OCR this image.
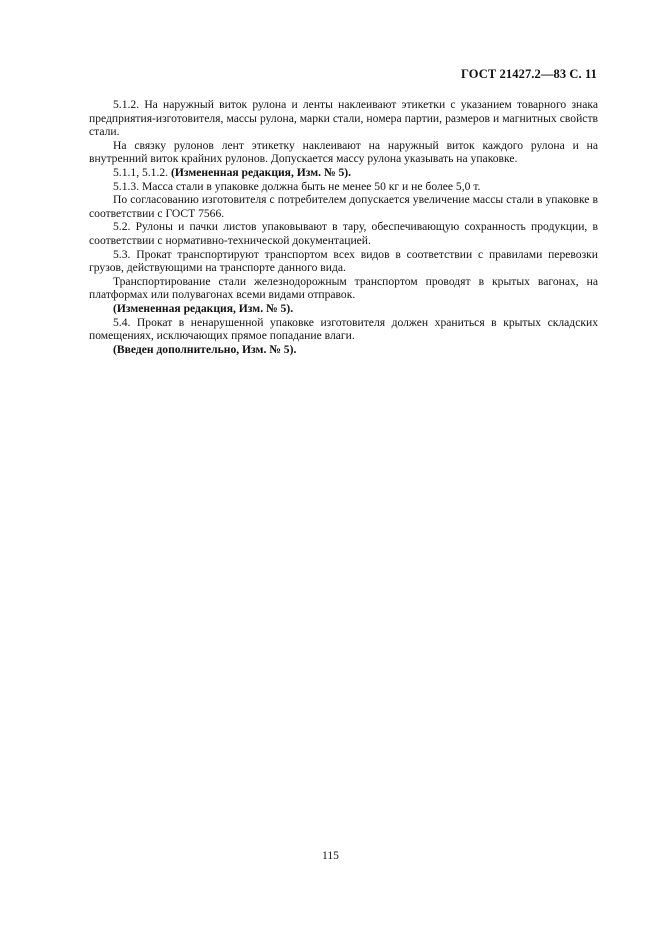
ГОСТ 21427.2—83 С. 11

5.1.2. На наружный виток рулона и ленты наклеивают этикетки с указанием товарного знака предприятия-изготовителя, массы рулона, марки стали, номера партии, размеров и магнитных свойств стали.

На связку рулонов лент этикетку наклеивают на наружный виток каждого рулона и на внутренний виток крайних рулонов. Допускается массу рулона указывать на упаковке.

5.1.1, 5.1.2. (Измененная редакция, Изм. № 5).

5.1.3. Масса стали в упаковке должна быть не менее 50 кг и не более 5,0 т.

По согласованию изготовителя с потребителем допускается увеличение массы стали в упаковке в соответствии с ГОСТ 7566.

5.2. Рулоны и пачки листов упаковывают в тару, обеспечивающую сохранность продукции, в соответствии с нормативно-технической документацией.

5.3. Прокат транспортируют транспортом всех видов в соответствии с правилами перевозки грузов, действующими на транспорте данного вида.

Транспортирование стали железнодорожным транспортом проводят в крытых вагонах, на платформах или полувагонах всеми видами отправок.

(Измененная редакция, Изм. № 5).

5.4. Прокат в ненарушенной упаковке изготовителя должен храниться в крытых складских помещениях, исключающих прямое попадание влаги.

(Введен дополнительно, Изм. № 5).

115
